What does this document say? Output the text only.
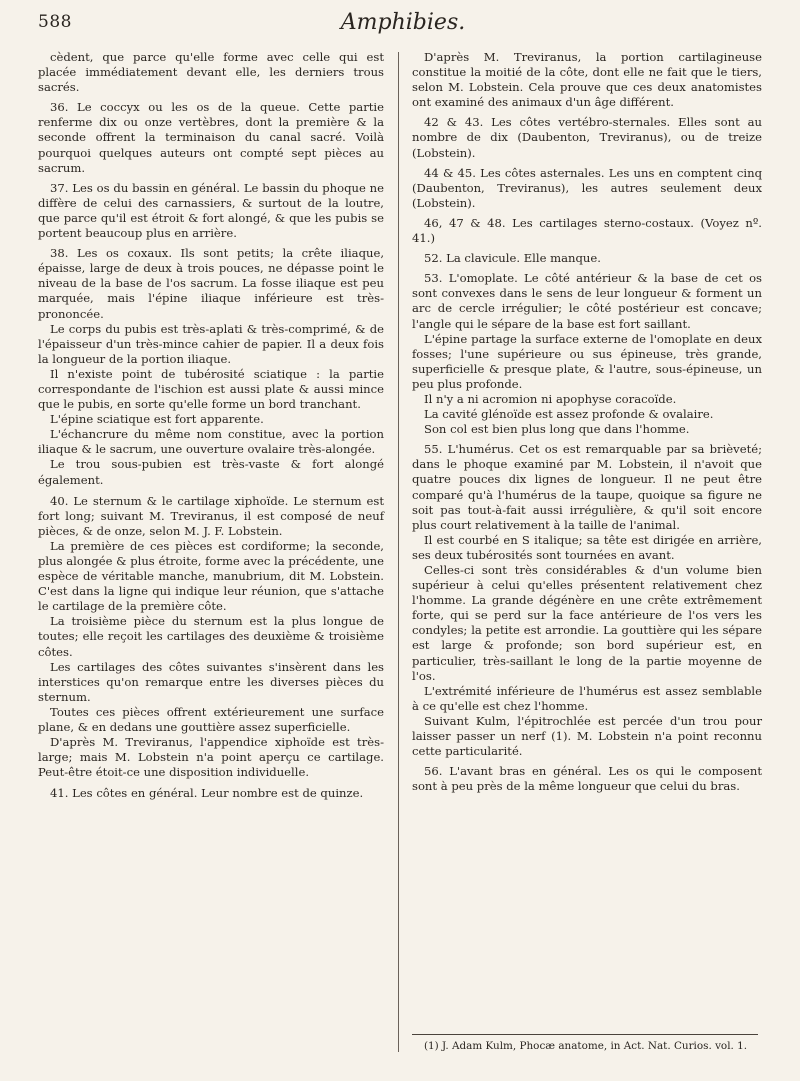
588	Amphibies.

cèdent, que parce qu'elle forme avec celle qui est placée immédiatement devant elle, les derniers trous sacrés.

36. Le coccyx ou les os de la queue. Cette partie renferme dix ou onze vertèbres, dont la première & la seconde offrent la terminaison du canal sacré. Voilà pourquoi quelques auteurs ont compté sept pièces au sacrum.

37. Les os du bassin en général. Le bassin du phoque ne diffère de celui des carnassiers, & surtout de la loutre, que parce qu'il est étroit & fort alongé, & que les pubis se portent beaucoup plus en arrière.

38. Les os coxaux. Ils sont petits; la crête iliaque, épaisse, large de deux à trois pouces, ne dépasse point le niveau de la base de l'os sacrum. La fosse iliaque est peu marquée, mais l'épine iliaque inférieure est très-prononcée.

Le corps du pubis est très-aplati & très-comprimé, & de l'épaisseur d'un très-mince cahier de papier. Il a deux fois la longueur de la portion iliaque.

Il n'existe point de tubérosité sciatique : la partie correspondante de l'ischion est aussi plate & aussi mince que le pubis, en sorte qu'elle forme un bord tranchant.

L'épine sciatique est fort apparente.

L'échancrure du même nom constitue, avec la portion iliaque & le sacrum, une ouverture ovalaire très-alongée.

Le trou sous-pubien est très-vaste & fort alongé également.

40. Le sternum & le cartilage xiphoïde. Le sternum est fort long; suivant M. Treviranus, il est composé de neuf pièces, & de onze, selon M. J. F. Lobstein.

La première de ces pièces est cordiforme; la seconde, plus alongée & plus étroite, forme avec la précédente, une espèce de véritable manche, manubrium, dit M. Lobstein. C'est dans la ligne qui indique leur réunion, que s'attache le cartilage de la première côte.

La troisième pièce du sternum est la plus longue de toutes; elle reçoit les cartilages des deuxième & troisième côtes.

Les cartilages des côtes suivantes s'insèrent dans les interstices qu'on remarque entre les diverses pièces du sternum.

Toutes ces pièces offrent extérieurement une surface plane, & en dedans une gouttière assez superficielle.

D'après M. Treviranus, l'appendice xiphoïde est très-large; mais M. Lobstein n'a point aperçu ce cartilage. Peut-être étoit-ce une disposition individuelle.

41. Les côtes en général. Leur nombre est de quinze.

D'après M. Treviranus, la portion cartilagineuse constitue la moitié de la côte, dont elle ne fait que le tiers, selon M. Lobstein. Cela prouve que ces deux anatomistes ont examiné des animaux d'un âge différent.

42 & 43. Les côtes vertébro-sternales. Elles sont au nombre de dix (Daubenton, Treviranus), ou de treize (Lobstein).

44 & 45. Les côtes asternales. Les uns en comptent cinq (Daubenton, Treviranus), les autres seulement deux (Lobstein).

46, 47 & 48. Les cartilages sterno-costaux. (Voyez nº. 41.)

52. La clavicule. Elle manque.

53. L'omoplate. Le côté antérieur & la base de cet os sont convexes dans le sens de leur longueur & forment un arc de cercle irrégulier; le côté postérieur est concave; l'angle qui le sépare de la base est fort saillant.

L'épine partage la surface externe de l'omoplate en deux fosses; l'une supérieure ou sus épineuse, très grande, superficielle & presque plate, & l'autre, sous-épineuse, un peu plus profonde.

Il n'y a ni acromion ni apophyse coracoïde.

La cavité glénoïde est assez profonde & ovalaire.

Son col est bien plus long que dans l'homme.

55. L'humérus. Cet os est remarquable par sa brièveté; dans le phoque examiné par M. Lobstein, il n'avoit que quatre pouces dix lignes de longueur. Il ne peut être comparé qu'à l'humérus de la taupe, quoique sa figure ne soit pas tout-à-fait aussi irrégulière, & qu'il soit encore plus court relativement à la taille de l'animal.

Il est courbé en S italique; sa tête est dirigée en arrière, ses deux tubérosités sont tournées en avant.

Celles-ci sont très considérables & d'un volume bien supérieur à celui qu'elles présentent relativement chez l'homme. La grande dégénère en une crête extrêmement forte, qui se perd sur la face antérieure de l'os vers les condyles; la petite est arrondie. La gouttière qui les sépare est large & profonde; son bord supérieur est, en particulier, très-saillant le long de la partie moyenne de l'os.

L'extrémité inférieure de l'humérus est assez semblable à ce qu'elle est chez l'homme.

Suivant Kulm, l'épitrochlée est percée d'un trou pour laisser passer un nerf (1). M. Lobstein n'a point reconnu cette particularité.

56. L'avant bras en général. Les os qui le composent sont à peu près de la même longueur que celui du bras.

(1) J. Adam Kulm, Phocæ anatome, in Act. Nat. Curios. vol. 1.
